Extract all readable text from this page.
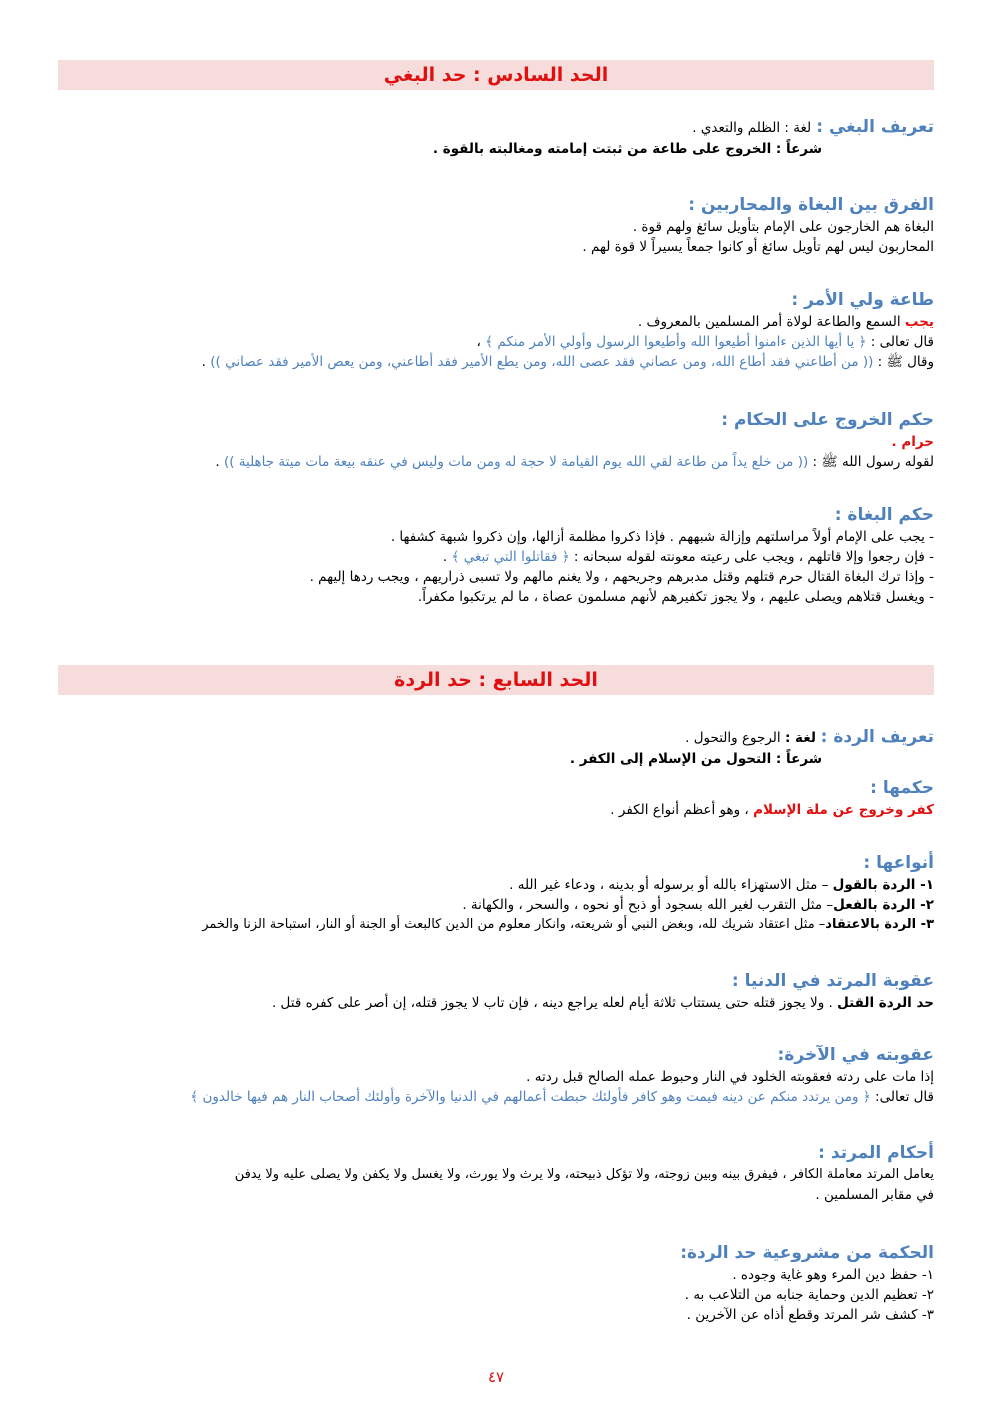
الحد السادس : حد البغي
تعريف البغي : لغة : الظلم والتعدي .
شرعاً : الخروج على طاعة من ثبتت إمامته ومغالبته بالقوة .
الفرق بين البغاة والمحاربين :
البغاة هم الخارجون على الإمام بتأويل سائغ ولهم قوة .
المحاربون ليس لهم تأويل سائغ أو كانوا جمعاً يسيراً لا قوة لهم .
طاعة ولي الأمر :
يجب السمع والطاعة لولاة أمر المسلمين بالمعروف .
قال تعالى : ﴿ يا أيها الذين ءامنوا أطيعوا الله وأطيعوا الرسول وأولي الأمر منكم ﴾ ،
وقال ﷺ : (( من أطاعني فقد أطاع الله، ومن عصاني فقد عصى الله، ومن يطع الأمير فقد أطاعني، ومن يعص الأمير فقد عصاني )) .
حكم الخروج على الحكام :
حرام .
لقوله رسول الله ﷺ : (( من خلع يداً من طاعة لقي الله يوم القيامة لا حجة له ومن مات وليس في عنقه بيعة مات ميتة جاهلية )) .
حكم البغاة :
- يجب على الإمام أولاً مراسلتهم وإزالة شبههم . فإذا ذكروا مظلمة أزالها، وإن ذكروا شبهة كشفها .
- فإن رجعوا وإلا قاتلهم ، ويجب على رعيته معونته لقوله سبحانه : ﴿ فقاتلوا التي تبغي ﴾ .
- وإذا ترك البغاة القتال حرم قتلهم وقتل مدبرهم وجريحهم ، ولا يغنم مالهم ولا تسبى ذراريهم ، ويجب ردها إليهم .
- ويغسل قتلاهم ويصلى عليهم ، ولا يجوز تكفيرهم لأنهم مسلمون عصاة ، ما لم يرتكبوا مكفراً.
الحد السابع : حد الردة
تعريف الردة : لغة : الرجوع والتحول .
شرعاً : التحول من الإسلام إلى الكفر .
حكمها :
كفر وخروج عن ملة الإسلام ، وهو أعظم أنواع الكفر .
أنواعها :
١- الردة بالقول – مثل الاستهزاء بالله أو برسوله أو بدينه ، ودعاء غير الله .
٢- الردة بالفعل– مثل التقرب لغير الله بسجود أو ذبح أو نحوه ، والسحر ، والكهانة .
٣- الردة بالاعتقاد– مثل اعتقاد شريك لله، وبغض النبي أو شريعته، وانكار معلوم من الدين كالبعث أو الجنة أو النار، استباحة الزنا والخمر
عقوبة المرتد في الدنيا :
حد الردة القتل . ولا يجوز قتله حتى يستتاب ثلاثة أيام لعله يراجع دينه ، فإن تاب لا يجوز قتله، إن أصر على كفره قتل .
عقوبته في الآخرة:
إذا مات على ردته فعقوبته الخلود في النار وحبوط عمله الصالح قبل ردته .
قال تعالى: ﴿ ومن يرتدد منكم عن دينه فيمت وهو كافر فأولئك حبطت أعمالهم في الدنيا والآخرة وأولئك أصحاب النار هم فيها خالدون ﴾
أحكام المرتد :
يعامل المرتد معاملة الكافر ، فيفرق بينه وبين زوجته، ولا تؤكل ذبيحته، ولا يرث ولا يورث، ولا يغسل ولا يكفن ولا يصلى عليه ولا يدفن
في مقابر المسلمين .
الحكمة من مشروعية حد الردة:
١- حفظ دين المرء وهو غاية وجوده .
٢- تعظيم الدين وحماية جنابه من التلاعب به .
٣- كشف شر المرتد وقطع أذاه عن الآخرين .
٤٧
